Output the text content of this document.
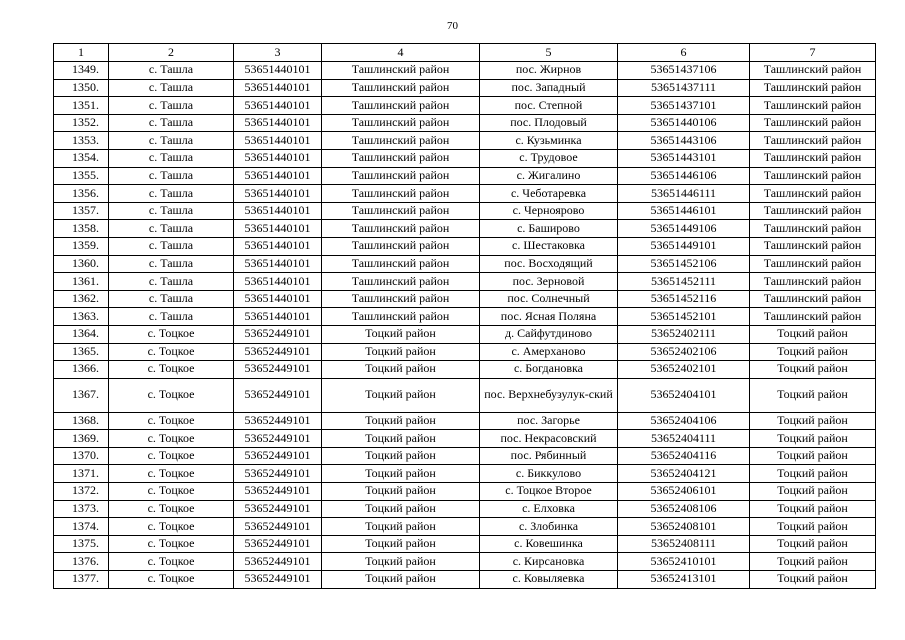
70
1	2	3	4	5	6	7
1349.	с. Ташла	53651440101	Ташлинский район	пос. Жирнов	53651437106	Ташлинский район
1350.	с. Ташла	53651440101	Ташлинский район	пос. Западный	53651437111	Ташлинский район
1351.	с. Ташла	53651440101	Ташлинский район	пос. Степной	53651437101	Ташлинский район
1352.	с. Ташла	53651440101	Ташлинский район	пос. Плодовый	53651440106	Ташлинский район
1353.	с. Ташла	53651440101	Ташлинский район	с. Кузьминка	53651443106	Ташлинский район
1354.	с. Ташла	53651440101	Ташлинский район	с. Трудовое	53651443101	Ташлинский район
1355.	с. Ташла	53651440101	Ташлинский район	с. Жигалино	53651446106	Ташлинский район
1356.	с. Ташла	53651440101	Ташлинский район	с. Чеботаревка	53651446111	Ташлинский район
1357.	с. Ташла	53651440101	Ташлинский район	с. Черноярово	53651446101	Ташлинский район
1358.	с. Ташла	53651440101	Ташлинский район	с. Баширово	53651449106	Ташлинский район
1359.	с. Ташла	53651440101	Ташлинский район	с. Шестаковка	53651449101	Ташлинский район
1360.	с. Ташла	53651440101	Ташлинский район	пос. Восходящий	53651452106	Ташлинский район
1361.	с. Ташла	53651440101	Ташлинский район	пос. Зерновой	53651452111	Ташлинский район
1362.	с. Ташла	53651440101	Ташлинский район	пос. Солнечный	53651452116	Ташлинский район
1363.	с. Ташла	53651440101	Ташлинский район	пос. Ясная Поляна	53651452101	Ташлинский район
1364.	с. Тоцкое	53652449101	Тоцкий район	д. Сайфутдиново	53652402111	Тоцкий район
1365.	с. Тоцкое	53652449101	Тоцкий район	с. Амерханово	53652402106	Тоцкий район
1366.	с. Тоцкое	53652449101	Тоцкий район	с. Богдановка	53652402101	Тоцкий район
1367.	с. Тоцкое	53652449101	Тоцкий район	пос. Верхнебузулук-ский	53652404101	Тоцкий район
1368.	с. Тоцкое	53652449101	Тоцкий район	пос. Загорье	53652404106	Тоцкий район
1369.	с. Тоцкое	53652449101	Тоцкий район	пос. Некрасовский	53652404111	Тоцкий район
1370.	с. Тоцкое	53652449101	Тоцкий район	пос. Рябинный	53652404116	Тоцкий район
1371.	с. Тоцкое	53652449101	Тоцкий район	с. Биккулово	53652404121	Тоцкий район
1372.	с. Тоцкое	53652449101	Тоцкий район	с. Тоцкое Второе	53652406101	Тоцкий район
1373.	с. Тоцкое	53652449101	Тоцкий район	с. Елховка	53652408106	Тоцкий район
1374.	с. Тоцкое	53652449101	Тоцкий район	с. Злобинка	53652408101	Тоцкий район
1375.	с. Тоцкое	53652449101	Тоцкий район	с. Ковешинка	53652408111	Тоцкий район
1376.	с. Тоцкое	53652449101	Тоцкий район	с. Кирсановка	53652410101	Тоцкий район
1377.	с. Тоцкое	53652449101	Тоцкий район	с. Ковыляевка	53652413101	Тоцкий район
